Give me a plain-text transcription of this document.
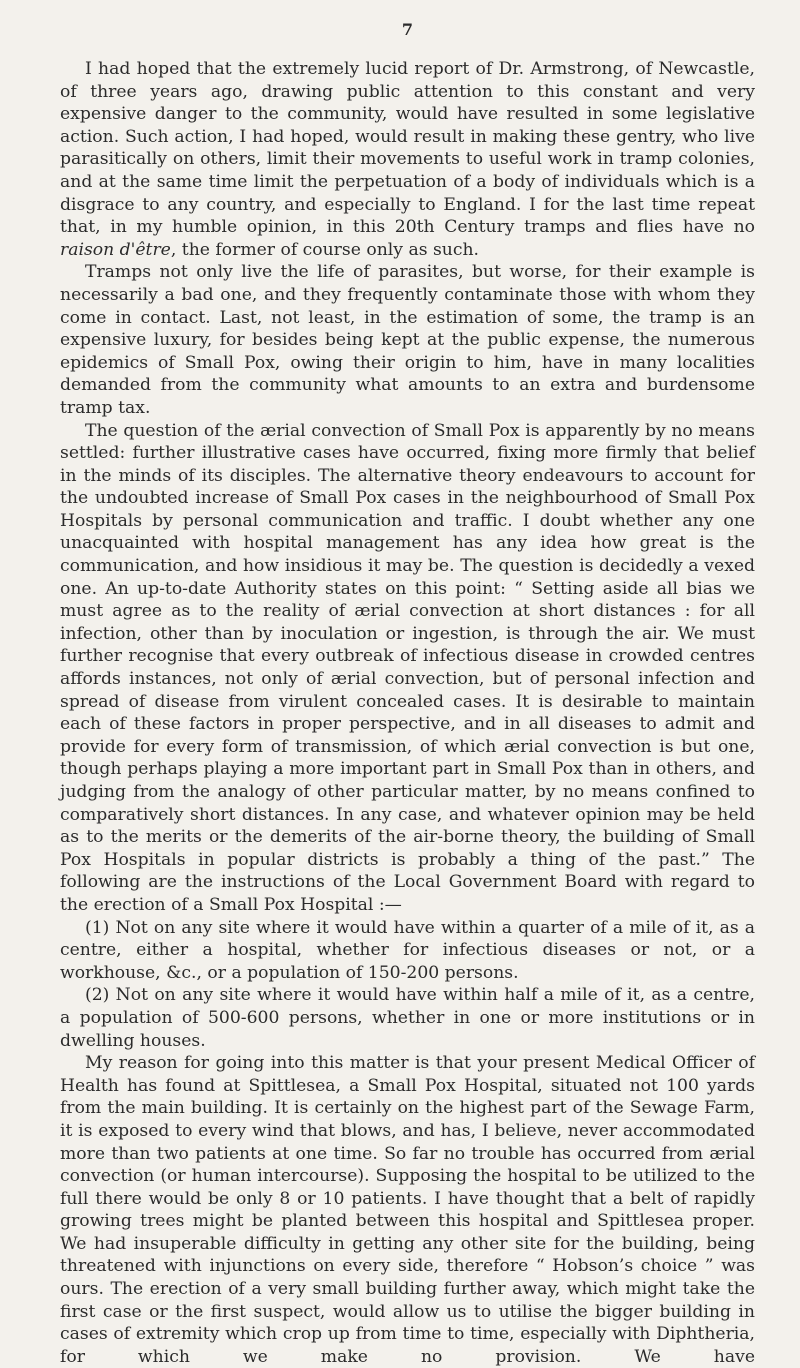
7

I had hoped that the extremely lucid report of Dr. Armstrong, of Newcastle, of three years ago, drawing public attention to this constant and very expensive danger to the community, would have resulted in some legislative action. Such action, I had hoped, would result in making these gentry, who live parasitically on others, limit their movements to useful work in tramp colonies, and at the same time limit the perpetuation of a body of individuals which is a disgrace to any country, and especially to England. I for the last time repeat that, in my humble opinion, in this 20th Century tramps and flies have no raison d'être, the former of course only as such.

Tramps not only live the life of parasites, but worse, for their example is necessarily a bad one, and they frequently contaminate those with whom they come in contact. Last, not least, in the estimation of some, the tramp is an expensive luxury, for besides being kept at the public expense, the numerous epidemics of Small Pox, owing their origin to him, have in many localities demanded from the community what amounts to an extra and burdensome tramp tax.

The question of the ærial convection of Small Pox is apparently by no means settled: further illustrative cases have occurred, fixing more firmly that belief in the minds of its disciples. The alternative theory endeavours to account for the undoubted increase of Small Pox cases in the neighbourhood of Small Pox Hospitals by personal communication and traffic. I doubt whether any one unacquainted with hospital management has any idea how great is the communication, and how insidious it may be. The question is decidedly a vexed one. An up-to-date Authority states on this point: “ Setting aside all bias we must agree as to the reality of ærial convection at short distances : for all infection, other than by inoculation or ingestion, is through the air. We must further recognise that every outbreak of infectious disease in crowded centres affords instances, not only of ærial convection, but of personal infection and spread of disease from virulent concealed cases. It is desirable to maintain each of these factors in proper perspective, and in all diseases to admit and provide for every form of transmission, of which ærial convection is but one, though perhaps playing a more important part in Small Pox than in others, and judging from the analogy of other particular matter, by no means confined to comparatively short distances. In any case, and whatever opinion may be held as to the merits or the demerits of the air-borne theory, the building of Small Pox Hospitals in popular districts is probably a thing of the past.” The following are the instructions of the Local Government Board with regard to the erection of a Small Pox Hospital :—

(1) Not on any site where it would have within a quarter of a mile of it, as a centre, either a hospital, whether for infectious diseases or not, or a workhouse, &c., or a population of 150-200 persons.

(2) Not on any site where it would have within half a mile of it, as a centre, a population of 500-600 persons, whether in one or more institutions or in dwelling houses.

My reason for going into this matter is that your present Medical Officer of Health has found at Spittlesea, a Small Pox Hospital, situated not 100 yards from the main building. It is certainly on the highest part of the Sewage Farm, it is exposed to every wind that blows, and has, I believe, never accommodated more than two patients at one time. So far no trouble has occurred from ærial convection (or human intercourse). Supposing the hospital to be utilized to the full there would be only 8 or 10 patients. I have thought that a belt of rapidly growing trees might be planted between this hospital and Spittlesea proper. We had insuperable difficulty in getting any other site for the building, being threatened with injunctions on every side, therefore “ Hobson’s choice ” was ours. The erection of a very small building further away, which might take the first case or the first suspect, would allow us to utilise the bigger building in cases of extremity which crop up from time to time, especially with Diphtheria, for which we make no provision. We have
